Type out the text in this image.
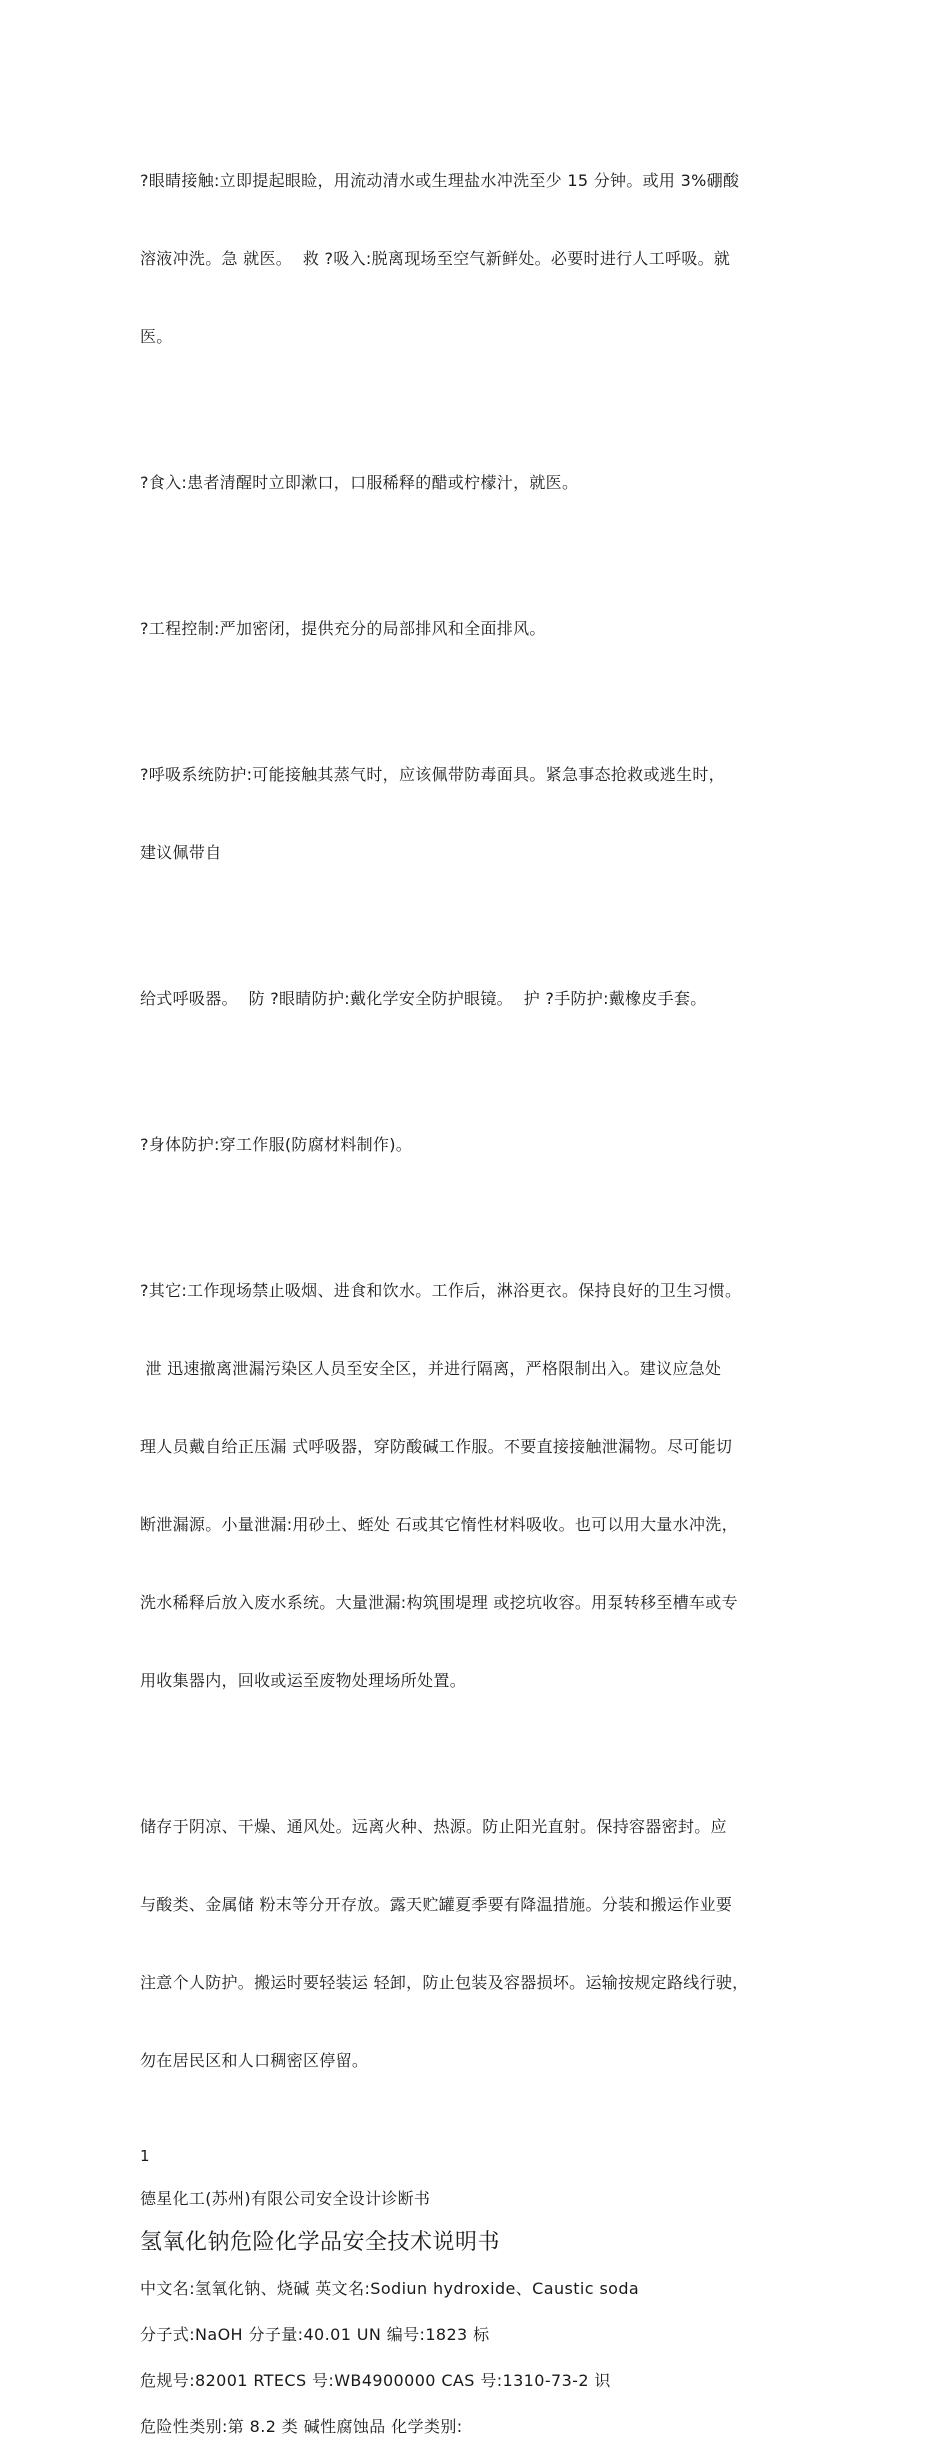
?眼睛接触:立即提起眼睑，用流动清水或生理盐水冲洗至少 15 分钟。或用 3%硼酸

溶液冲洗。急 就医。  救 ?吸入:脱离现场至空气新鲜处。必要时进行人工呼吸。就

医。

?食入:患者清醒时立即漱口，口服稀释的醋或柠檬汁，就医。

?工程控制:严加密闭，提供充分的局部排风和全面排风。

?呼吸系统防护:可能接触其蒸气时，应该佩带防毒面具。紧急事态抢救或逃生时，

建议佩带自

给式呼吸器。  防 ?眼睛防护:戴化学安全防护眼镜。  护 ?手防护:戴橡皮手套。

?身体防护:穿工作服(防腐材料制作)。

?其它:工作现场禁止吸烟、进食和饮水。工作后，淋浴更衣。保持良好的卫生习惯。

泄 迅速撤离泄漏污染区人员至安全区，并进行隔离，严格限制出入。建议应急处

理人员戴自给正压漏 式呼吸器，穿防酸碱工作服。不要直接接触泄漏物。尽可能切

断泄漏源。小量泄漏:用砂土、蛭处 石或其它惰性材料吸收。也可以用大量水冲洗，

洗水稀释后放入废水系统。大量泄漏:构筑围堤理 或挖坑收容。用泵转移至槽车或专

用收集器内，回收或运至废物处理场所处置。

储存于阴凉、干燥、通风处。远离火种、热源。防止阳光直射。保持容器密封。应

与酸类、金属储 粉末等分开存放。露天贮罐夏季要有降温措施。分装和搬运作业要

注意个人防护。搬运时要轻装运 轻卸，防止包装及容器损坏。运输按规定路线行驶，

勿在居民区和人口稠密区停留。

1
德星化工(苏州)有限公司安全设计诊断书
氢氧化钠危险化学品安全技术说明书
中文名:氢氧化钠、烧碱 英文名:Sodiun hydroxide、Caustic soda
分子式:NaOH 分子量:40.01 UN 编号:1823 标
危规号:82001 RTECS 号:WB4900000 CAS 号:1310-73-2 识
危险性类别:第 8.2 类 碱性腐蚀品 化学类别:
